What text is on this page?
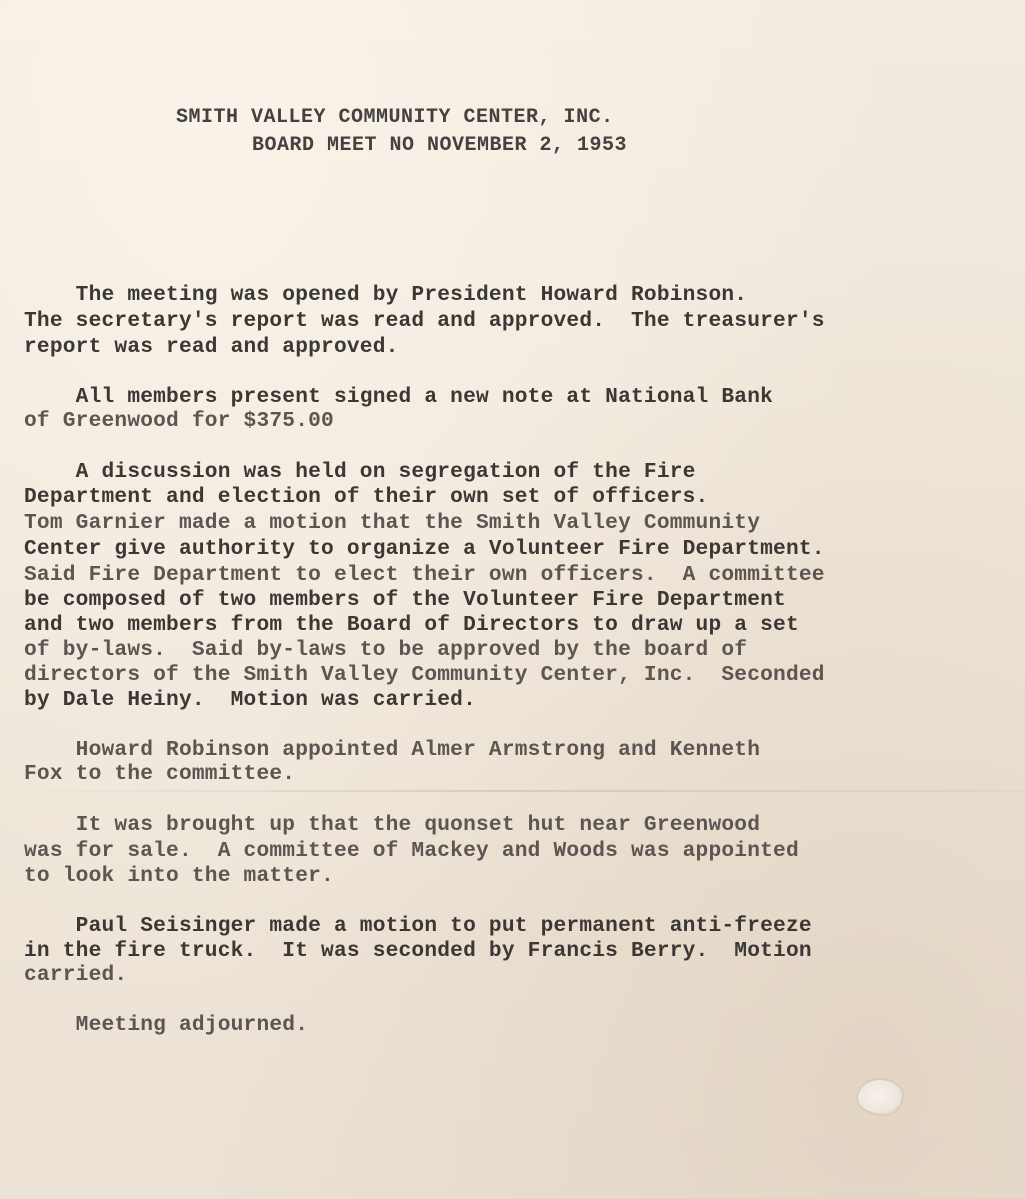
SMITH VALLEY COMMUNITY CENTER, INC.
BOARD MEET NO NOVEMBER 2, 1953
The meeting was opened by President Howard Robinson.
The secretary's report was read and approved.  The treasurer's
report was read and approved.
All members present signed a new note at National Bank
of Greenwood for $375.00
A discussion was held on segregation of the Fire
Department and election of their own set of officers.
Tom Garnier made a motion that the Smith Valley Community
Center give authority to organize a Volunteer Fire Department.
Said Fire Department to elect their own officers.  A committee
be composed of two members of the Volunteer Fire Department
and two members from the Board of Directors to draw up a set
of by-laws.  Said by-laws to be approved by the board of
directors of the Smith Valley Community Center, Inc.  Seconded
by Dale Heiny.  Motion was carried.
Howard Robinson appointed Almer Armstrong and Kenneth
Fox to the committee.
It was brought up that the quonset hut near Greenwood
was for sale.  A committee of Mackey and Woods was appointed
to look into the matter.
Paul Seisinger made a motion to put permanent anti-freeze
in the fire truck.  It was seconded by Francis Berry.  Motion
carried.
Meeting adjourned.
